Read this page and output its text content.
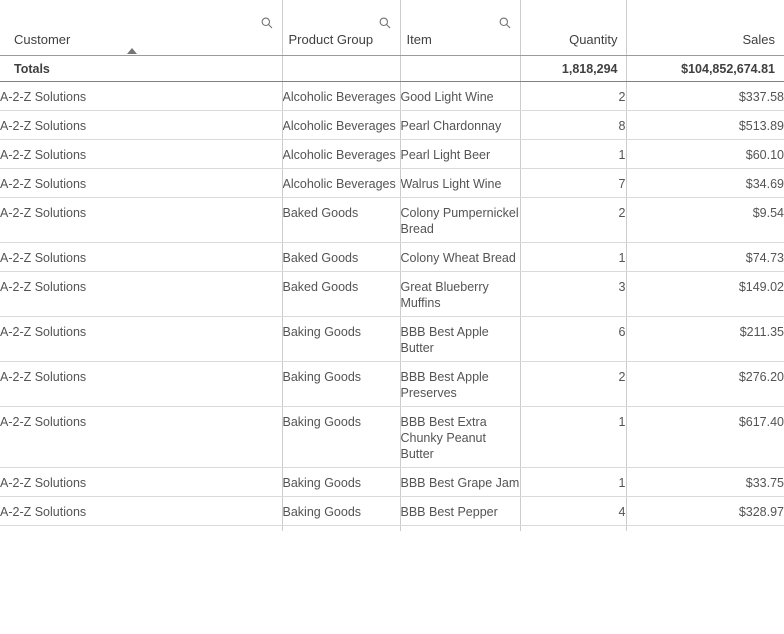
Customer	Product Group	Item	Quantity	Sales
Totals			1,818,294	$104,852,674.81
A-2-Z Solutions	Alcoholic Beverages	Good Light Wine	2	$337.58
A-2-Z Solutions	Alcoholic Beverages	Pearl Chardonnay	8	$513.89
A-2-Z Solutions	Alcoholic Beverages	Pearl Light Beer	1	$60.10
A-2-Z Solutions	Alcoholic Beverages	Walrus Light Wine	7	$34.69
A-2-Z Solutions	Baked Goods	Colony Pumpernickel Bread	2	$9.54
A-2-Z Solutions	Baked Goods	Colony Wheat Bread	1	$74.73
A-2-Z Solutions	Baked Goods	Great Blueberry Muffins	3	$149.02
A-2-Z Solutions	Baking Goods	BBB Best Apple Butter	6	$211.35
A-2-Z Solutions	Baking Goods	BBB Best Apple Preserves	2	$276.20
A-2-Z Solutions	Baking Goods	BBB Best Extra Chunky Peanut Butter	1	$617.40
A-2-Z Solutions	Baking Goods	BBB Best Grape Jam	1	$33.75
A-2-Z Solutions	Baking Goods	BBB Best Pepper	4	$328.97
